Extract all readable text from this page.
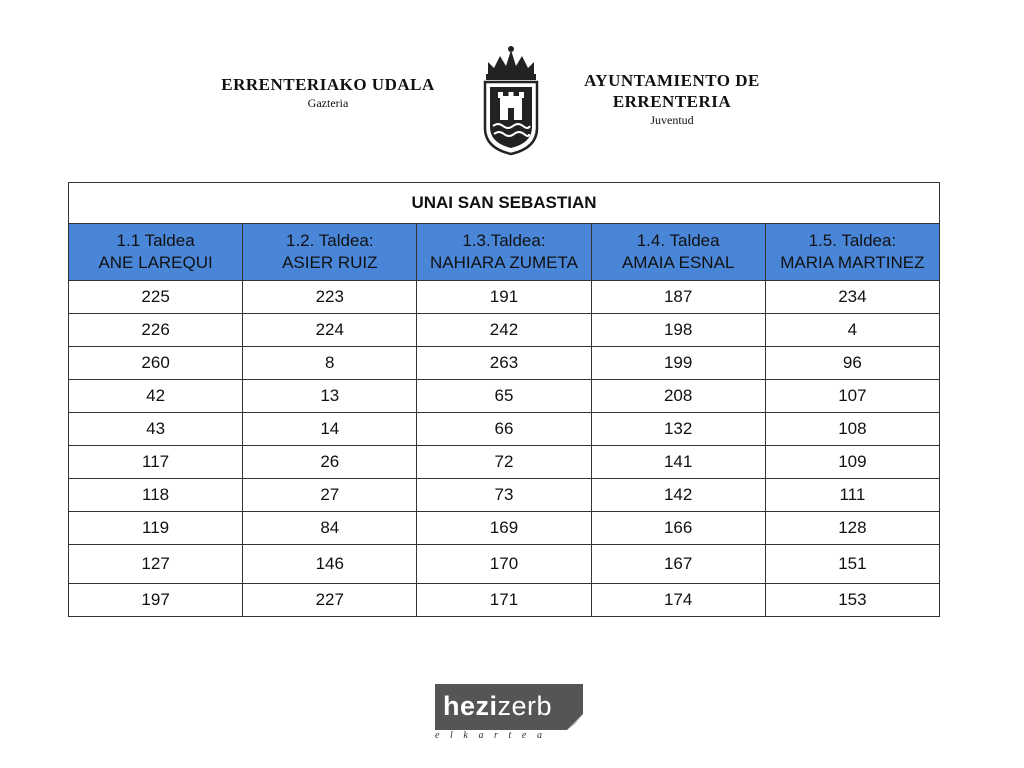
ERRENTERIAKO UDALA
Gazteria
AYUNTAMIENTO DE
ERRENTERIA
Juventud
UNAI SAN SEBASTIAN				

1.1 Taldea
ANE LAREQUI	1.2. Taldea:
ASIER RUIZ	1.3.Taldea:
NAHIARA ZUMETA	1.4. Taldea
AMAIA ESNAL	1.5. Taldea:
MARIA MARTINEZ

225	223	191	187	234
226	224	242	198	4
260	8	263	199	96
42	13	65	208	107
43	14	66	132	108
117	26	72	141	109
118	27	73	142	111
119	84	169	166	128
127	146	170	167	151
197	227	171	174	153
hezizerb
elkartea
